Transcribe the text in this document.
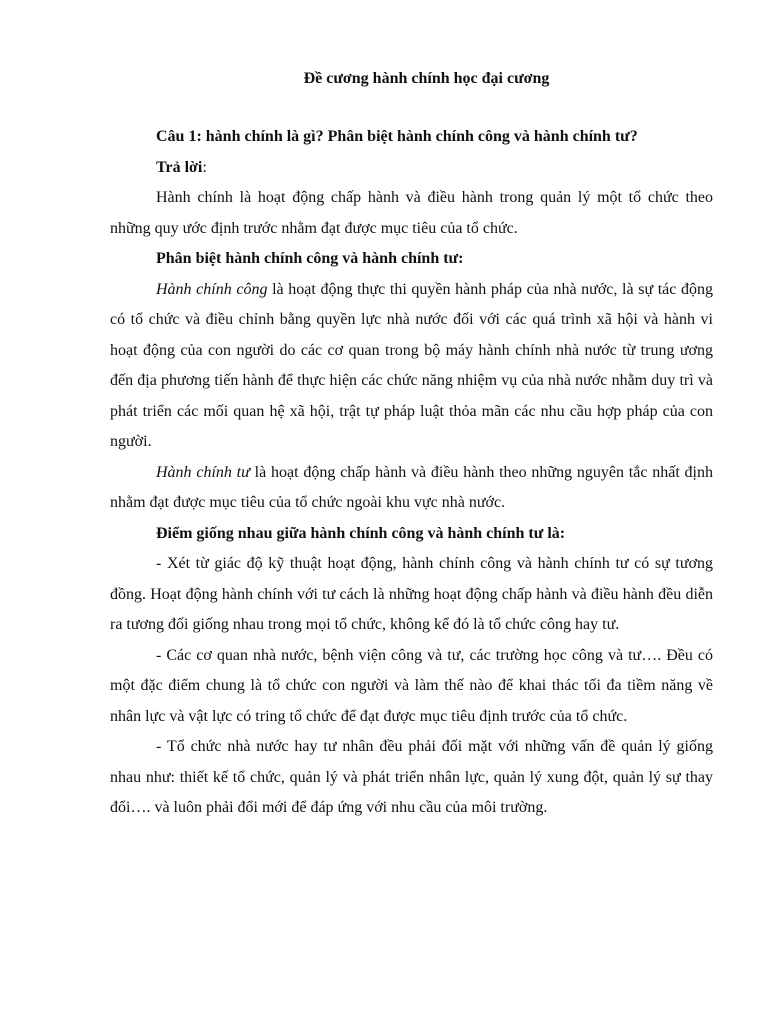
Đề cương hành chính học đại cương

Câu 1: hành chính là gì? Phân biệt hành chính công và hành chính tư?

Trả lời:

Hành chính là hoạt động chấp hành và điều hành trong quản lý một tổ chức theo những quy ước định trước nhằm đạt được mục tiêu của tổ chức.

Phân biệt hành chính công và hành chính tư:

Hành chính công là hoạt động thực thi quyền hành pháp của nhà nước, là sự tác động có tổ chức và điều chỉnh bằng quyền lực nhà nước đối với các quá trình xã hội và hành vi hoạt động của con người do các cơ quan trong bộ máy hành chính nhà nước từ trung ương đến địa phương tiến hành để thực hiện các chức năng nhiệm vụ của nhà nước nhằm duy trì và phát triển các mối quan hệ xã hội, trật tự pháp luật thỏa mãn các nhu cầu hợp pháp của con người.

Hành chính tư là hoạt động chấp hành và điều hành theo những nguyên tắc nhất định nhằm đạt được mục tiêu của tổ chức ngoài khu vực nhà nước.

Điểm giống nhau giữa hành chính công và hành chính tư là:

- Xét từ giác độ kỹ thuật hoạt động, hành chính công và hành chính tư có sự tương đồng. Hoạt động hành chính với tư cách là những hoạt động chấp hành và điều hành đều diễn ra tương đối giống nhau trong mọi tổ chức, không kể đó là tổ chức công hay tư.

- Các cơ quan nhà nước, bệnh viện công và tư, các trường học công và tư…. Đều có một đặc điểm chung là tổ chức con người và làm thế nào để khai thác tối đa tiềm năng về nhân lực và vật lực có tring tổ chức để đạt được mục tiêu định trước của tổ chức.

- Tổ chức nhà nước hay tư nhân đều phải đối mặt với những vấn đề quản lý giống nhau như: thiết kế tổ chức, quản lý và phát triển nhân lực, quản lý xung đột, quản lý sự thay đổi…. và luôn phải đổi mới để đáp ứng với nhu cầu của môi trường.
